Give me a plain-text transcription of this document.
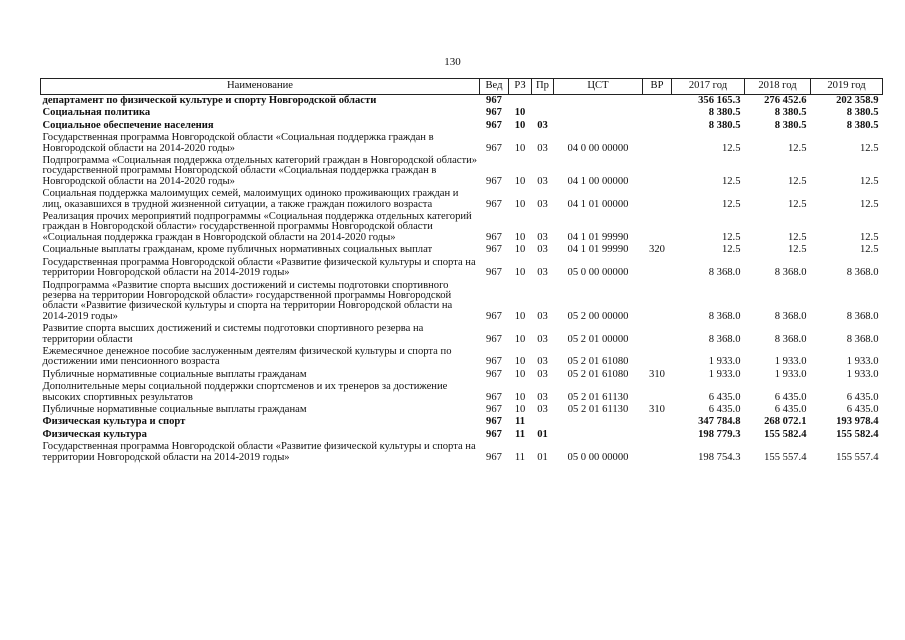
130
Наименование	Вед	РЗ	Пр	ЦСТ	ВР	2017 год	2018 год	2019 год
департамент по физической культуре и спорту Новгородской области	967					356 165.3	276 452.6	202 358.9
Социальная политика	967	10				8 380.5	8 380.5	8 380.5
Социальное обеспечение населения	967	10	03			8 380.5	8 380.5	8 380.5
Государственная программа Новгородской области «Социальная поддержка граждан в Новгородской области на 2014-2020 годы»	967	10	03	04 0 00 00000		12.5	12.5	12.5
Подпрограмма «Социальная поддержка отдельных категорий граждан в Новгородской области» государственной программы Новгородской области «Социальная поддержка граждан в Новгородской области на 2014-2020 годы»	967	10	03	04 1 00 00000		12.5	12.5	12.5
Социальная поддержка малоимущих семей, малоимущих одиноко проживающих граждан и лиц, оказавшихся в трудной жизненной ситуации, а также граждан пожилого возраста	967	10	03	04 1 01 00000		12.5	12.5	12.5
Реализация прочих мероприятий подпрограммы «Социальная поддержка отдельных категорий граждан в Новгородской области» государственной программы Новгородской области «Социальная поддержка граждан в Новгородской области на 2014-2020 годы»	967	10	03	04 1 01 99990		12.5	12.5	12.5
Социальные выплаты гражданам, кроме публичных нормативных социальных выплат	967	10	03	04 1 01 99990	320	12.5	12.5	12.5
Государственная программа Новгородской области «Развитие физической культуры и спорта на территории Новгородской области на 2014-2019 годы»	967	10	03	05 0 00 00000		8 368.0	8 368.0	8 368.0
Подпрограмма «Развитие спорта высших достижений и системы подготовки спортивного резерва на территории Новгородской области» государственной программы Новгородской области «Развитие физической культуры и спорта на территории Новгородской области на 2014-2019 годы»	967	10	03	05 2 00 00000		8 368.0	8 368.0	8 368.0
Развитие спорта высших достижений и системы подготовки спортивного резерва на территории области	967	10	03	05 2 01 00000		8 368.0	8 368.0	8 368.0
Ежемесячное денежное пособие заслуженным деятелям физической культуры и спорта по достижении ими пенсионного возраста	967	10	03	05 2 01 61080		1 933.0	1 933.0	1 933.0
Публичные нормативные социальные выплаты гражданам	967	10	03	05 2 01 61080	310	1 933.0	1 933.0	1 933.0
Дополнительные меры социальной поддержки спортсменов и их тренеров за достижение высоких спортивных результатов	967	10	03	05 2 01 61130		6 435.0	6 435.0	6 435.0
Публичные нормативные социальные выплаты гражданам	967	10	03	05 2 01 61130	310	6 435.0	6 435.0	6 435.0
Физическая культура и спорт	967	11				347 784.8	268 072.1	193 978.4
Физическая культура	967	11	01			198 779.3	155 582.4	155 582.4
Государственная программа Новгородской области «Развитие физической культуры и спорта на территории Новгородской области на 2014-2019 годы»	967	11	01	05 0 00 00000		198 754.3	155 557.4	155 557.4
